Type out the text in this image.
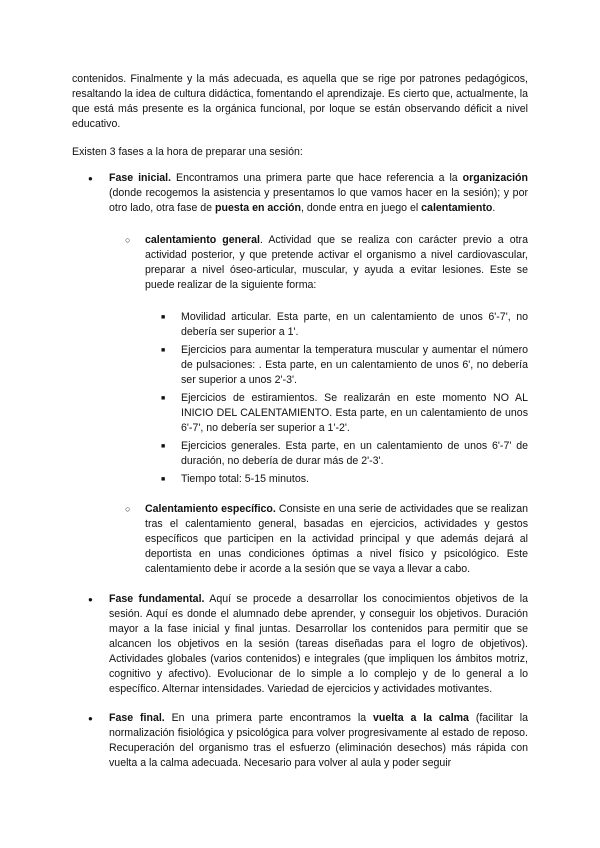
contenidos. Finalmente y la más adecuada, es aquella que se rige por patrones pedagógicos, resaltando la idea de cultura didáctica, fomentando el aprendizaje. Es cierto que, actualmente, la que está más presente es la orgánica funcional, por loque se están observando déficit a nivel educativo.

Existen 3 fases a la hora de preparar una sesión:

● Fase inicial. Encontramos una primera parte que hace referencia a la organización (donde recogemos la asistencia y presentamos lo que vamos hacer en la sesión); y por otro lado, otra fase de puesta en acción, donde entra en juego el calentamiento.

○ calentamiento general. Actividad que se realiza con carácter previo a otra actividad posterior, y que pretende activar el organismo a nivel cardiovascular, preparar a nivel óseo-articular, muscular, y ayuda a evitar lesiones. Este se puede realizar de la siguiente forma:

■ Movilidad articular. Esta parte, en un calentamiento de unos 6'-7', no debería ser superior a 1'.
■ Ejercicios para aumentar la temperatura muscular y aumentar el número de pulsaciones: . Esta parte, en un calentamiento de unos 6', no debería ser superior a unos 2'-3'.
■ Ejercicios de estiramientos. Se realizarán en este momento NO AL INICIO DEL CALENTAMIENTO. Esta parte, en un calentamiento de unos 6'-7', no debería ser superior a 1'-2'.
■ Ejercicios generales. Esta parte, en un calentamiento de unos 6'-7' de duración, no debería de durar más de 2'-3'.
■ Tiempo total: 5-15 minutos.

○ Calentamiento específico. Consiste en una serie de actividades que se realizan tras el calentamiento general, basadas en ejercicios, actividades y gestos específicos que participen en la actividad principal y que además dejará al deportista en unas condiciones óptimas a nivel físico y psicológico. Este calentamiento debe ir acorde a la sesión que se vaya a llevar a cabo.

● Fase fundamental. Aquí se procede a desarrollar los conocimientos objetivos de la sesión. Aquí es donde el alumnado debe aprender, y conseguir los objetivos. Duración mayor a la fase inicial y final juntas. Desarrollar los contenidos para permitir que se alcancen los objetivos en la sesión (tareas diseñadas para el logro de objetivos). Actividades globales (varios contenidos) e integrales (que impliquen los ámbitos motriz, cognitivo y afectivo). Evolucionar de lo simple a lo complejo y de lo general a lo específico. Alternar intensidades. Variedad de ejercicios y actividades motivantes.

● Fase final. En una primera parte encontramos la vuelta a la calma (facilitar la normalización fisiológica y psicológica para volver progresivamente al estado de reposo. Recuperación del organismo tras el esfuerzo (eliminación desechos) más rápida con vuelta a la calma adecuada. Necesario para volver al aula y poder seguir
